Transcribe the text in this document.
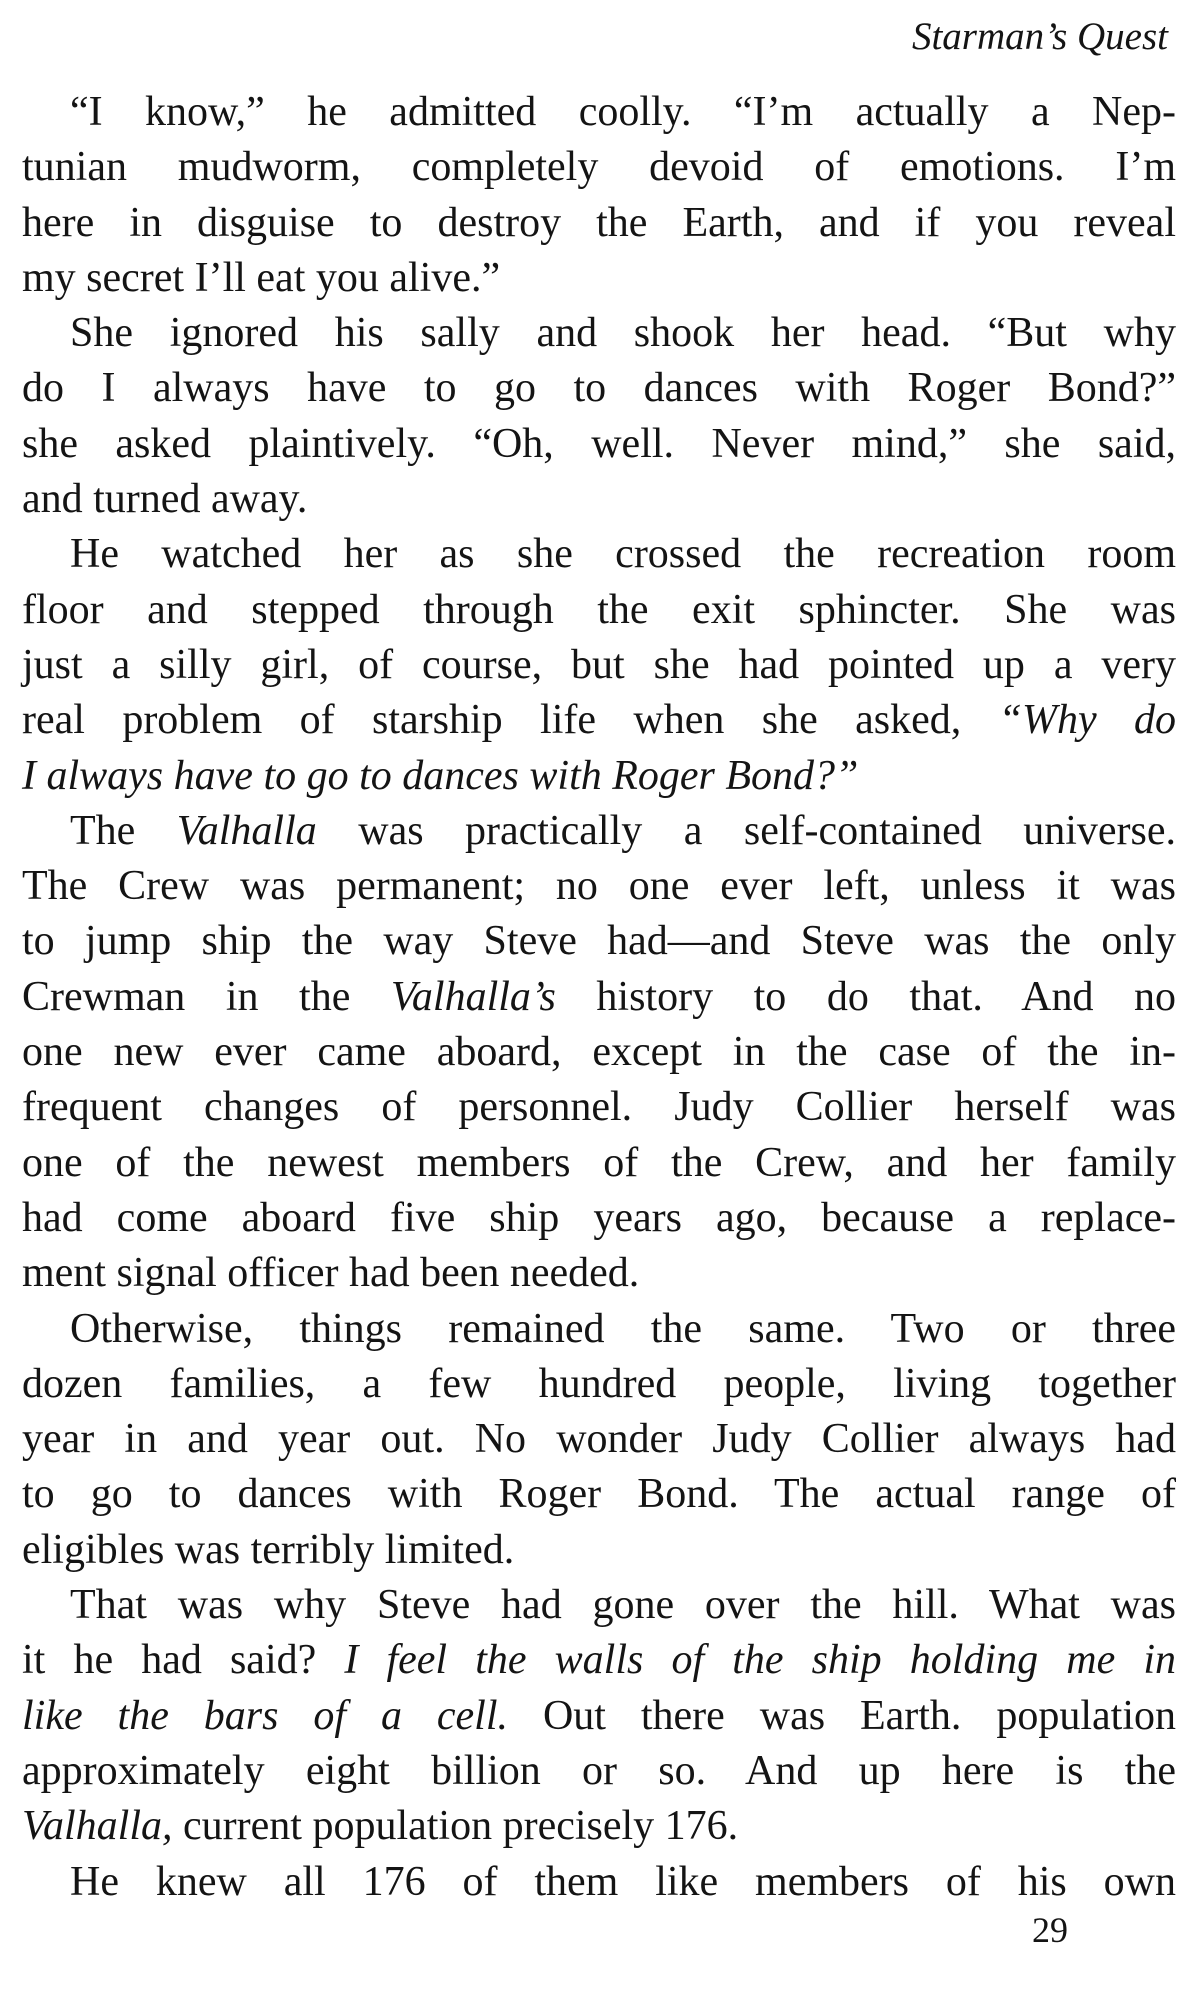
Starman’s Quest
“I know,” he admitted coolly. “I’m actually a Nep-
tunian mudworm, completely devoid of emotions. I’m
here in disguise to destroy the Earth, and if you reveal
my secret I’ll eat you alive.”
She ignored his sally and shook her head. “But why
do I always have to go to dances with Roger Bond?”
she asked plaintively. “Oh, well. Never mind,” she said,
and turned away.
He watched her as she crossed the recreation room
floor and stepped through the exit sphincter. She was
just a silly girl, of course, but she had pointed up a very
real problem of starship life when she asked, “Why do
I always have to go to dances with Roger Bond?”
The Valhalla was practically a self-contained universe.
The Crew was permanent; no one ever left, unless it was
to jump ship the way Steve had—and Steve was the only
Crewman in the Valhalla’s history to do that. And no
one new ever came aboard, except in the case of the in-
frequent changes of personnel. Judy Collier herself was
one of the newest members of the Crew, and her family
had come aboard five ship years ago, because a replace-
ment signal officer had been needed.
Otherwise, things remained the same. Two or three
dozen families, a few hundred people, living together
year in and year out. No wonder Judy Collier always had
to go to dances with Roger Bond. The actual range of
eligibles was terribly limited.
That was why Steve had gone over the hill. What was
it he had said? I feel the walls of the ship holding me in
like the bars of a cell. Out there was Earth. population
approximately eight billion or so. And up here is the
Valhalla, current population precisely 176.
He knew all 176 of them like members of his own
29
